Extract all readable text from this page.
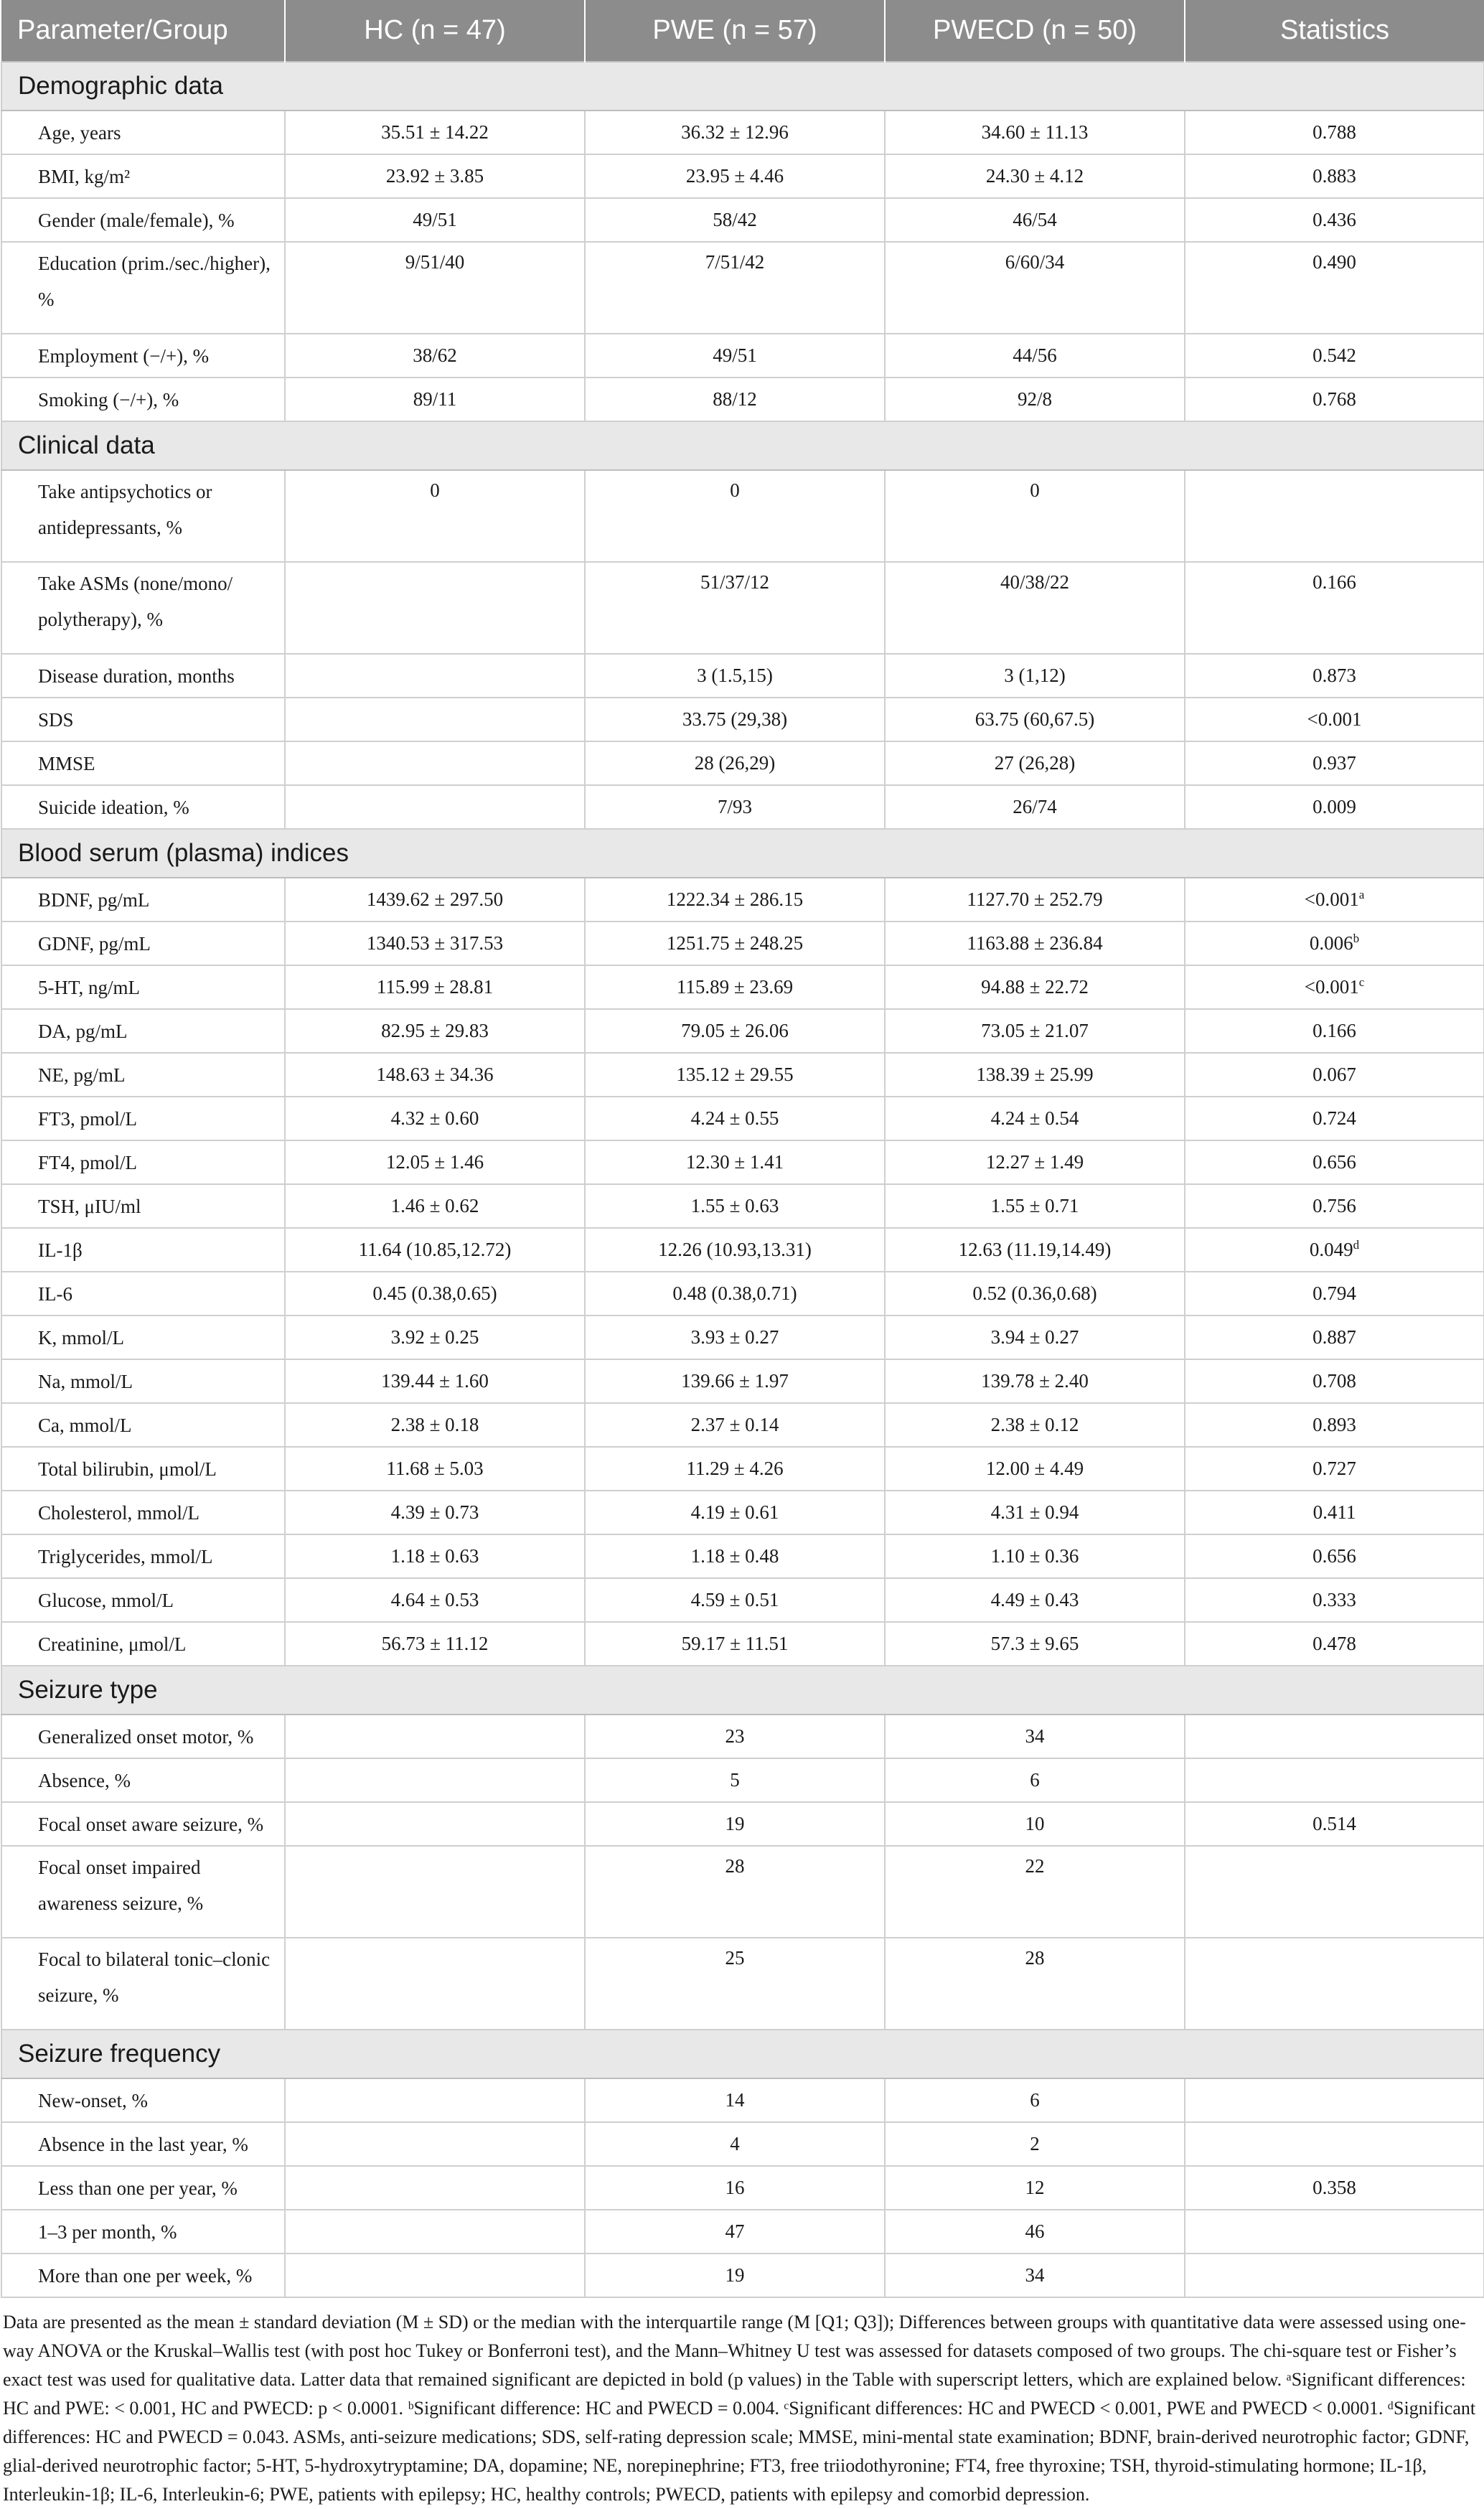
Parameter/Group	HC (n = 47)	PWE (n = 57)	PWECD (n = 50)	Statistics
Demographic data				
Age, years	35.51 ± 14.22	36.32 ± 12.96	34.60 ± 11.13	0.788
BMI, kg/m²	23.92 ± 3.85	23.95 ± 4.46	24.30 ± 4.12	0.883
Gender (male/female), %	49/51	58/42	46/54	0.436
Education (prim./sec./higher), %	9/51/40	7/51/42	6/60/34	0.490
Employment (−/+), %	38/62	49/51	44/56	0.542
Smoking (−/+), %	89/11	88/12	92/8	0.768
Clinical data				
Take antipsychotics or antidepressants, %	0	0	0	
Take ASMs (none/mono/ polytherapy), %		51/37/12	40/38/22	0.166
Disease duration, months		3 (1.5,15)	3 (1,12)	0.873
SDS		33.75 (29,38)	63.75 (60,67.5)	<0.001
MMSE		28 (26,29)	27 (26,28)	0.937
Suicide ideation, %		7/93	26/74	0.009
Blood serum (plasma) indices				
BDNF, pg/mL	1439.62 ± 297.50	1222.34 ± 286.15	1127.70 ± 252.79	<0.001$^a$
GDNF, pg/mL	1340.53 ± 317.53	1251.75 ± 248.25	1163.88 ± 236.84	0.006$^b$
5-HT, ng/mL	115.99 ± 28.81	115.89 ± 23.69	94.88 ± 22.72	<0.001$^c$
DA, pg/mL	82.95 ± 29.83	79.05 ± 26.06	73.05 ± 21.07	0.166
NE, pg/mL	148.63 ± 34.36	135.12 ± 29.55	138.39 ± 25.99	0.067
FT3, pmol/L	4.32 ± 0.60	4.24 ± 0.55	4.24 ± 0.54	0.724
FT4, pmol/L	12.05 ± 1.46	12.30 ± 1.41	12.27 ± 1.49	0.656
TSH, μIU/ml	1.46 ± 0.62	1.55 ± 0.63	1.55 ± 0.71	0.756
IL-1β	11.64 (10.85,12.72)	12.26 (10.93,13.31)	12.63 (11.19,14.49)	0.049$^d$
IL-6	0.45 (0.38,0.65)	0.48 (0.38,0.71)	0.52 (0.36,0.68)	0.794
K, mmol/L	3.92 ± 0.25	3.93 ± 0.27	3.94 ± 0.27	0.887
Na, mmol/L	139.44 ± 1.60	139.66 ± 1.97	139.78 ± 2.40	0.708
Ca, mmol/L	2.38 ± 0.18	2.37 ± 0.14	2.38 ± 0.12	0.893
Total bilirubin, μmol/L	11.68 ± 5.03	11.29 ± 4.26	12.00 ± 4.49	0.727
Cholesterol, mmol/L	4.39 ± 0.73	4.19 ± 0.61	4.31 ± 0.94	0.411
Triglycerides, mmol/L	1.18 ± 0.63	1.18 ± 0.48	1.10 ± 0.36	0.656
Glucose, mmol/L	4.64 ± 0.53	4.59 ± 0.51	4.49 ± 0.43	0.333
Creatinine, μmol/L	56.73 ± 11.12	59.17 ± 11.51	57.3 ± 9.65	0.478
Seizure type				
Generalized onset motor, %		23	34	
Absence, %		5	6	
Focal onset aware seizure, %		19	10	0.514
Focal onset impaired awareness seizure, %		28	22	
Focal to bilateral tonic–clonic seizure, %		25	28	
Seizure frequency				
New-onset, %		14	6	
Absence in the last year, %		4	2	
Less than one per year, %		16	12	0.358
1–3 per month, %		47	46	
More than one per week, %		19	34	
Data are presented as the mean ± standard deviation (M ± SD) or the median with the interquartile range (M [Q1; Q3]); Differences between groups with quantitative data were assessed using one-way ANOVA or the Kruskal–Wallis test (with post hoc Tukey or Bonferroni test), and the Mann–Whitney U test was assessed for datasets composed of two groups. The chi-square test or Fisher’s exact test was used for qualitative data. Latter data that remained significant are depicted in bold (p values) in the Table with superscript letters, which are explained below. ᵃSignificant differences: HC and PWE: < 0.001, HC and PWECD: p < 0.0001. ᵇSignificant difference: HC and PWECD = 0.004. ᶜSignificant differences: HC and PWECD < 0.001, PWE and PWECD < 0.0001. ᵈSignificant differences: HC and PWECD = 0.043. ASMs, anti-seizure medications; SDS, self-rating depression scale; MMSE, mini-mental state examination; BDNF, brain-derived neurotrophic factor; GDNF, glial-derived neurotrophic factor; 5-HT, 5-hydroxytryptamine; DA, dopamine; NE, norepinephrine; FT3, free triiodothyronine; FT4, free thyroxine; TSH, thyroid-stimulating hormone; IL-1β, Interleukin-1β; IL-6, Interleukin-6; PWE, patients with epilepsy; HC, healthy controls; PWECD, patients with epilepsy and comorbid depression.
